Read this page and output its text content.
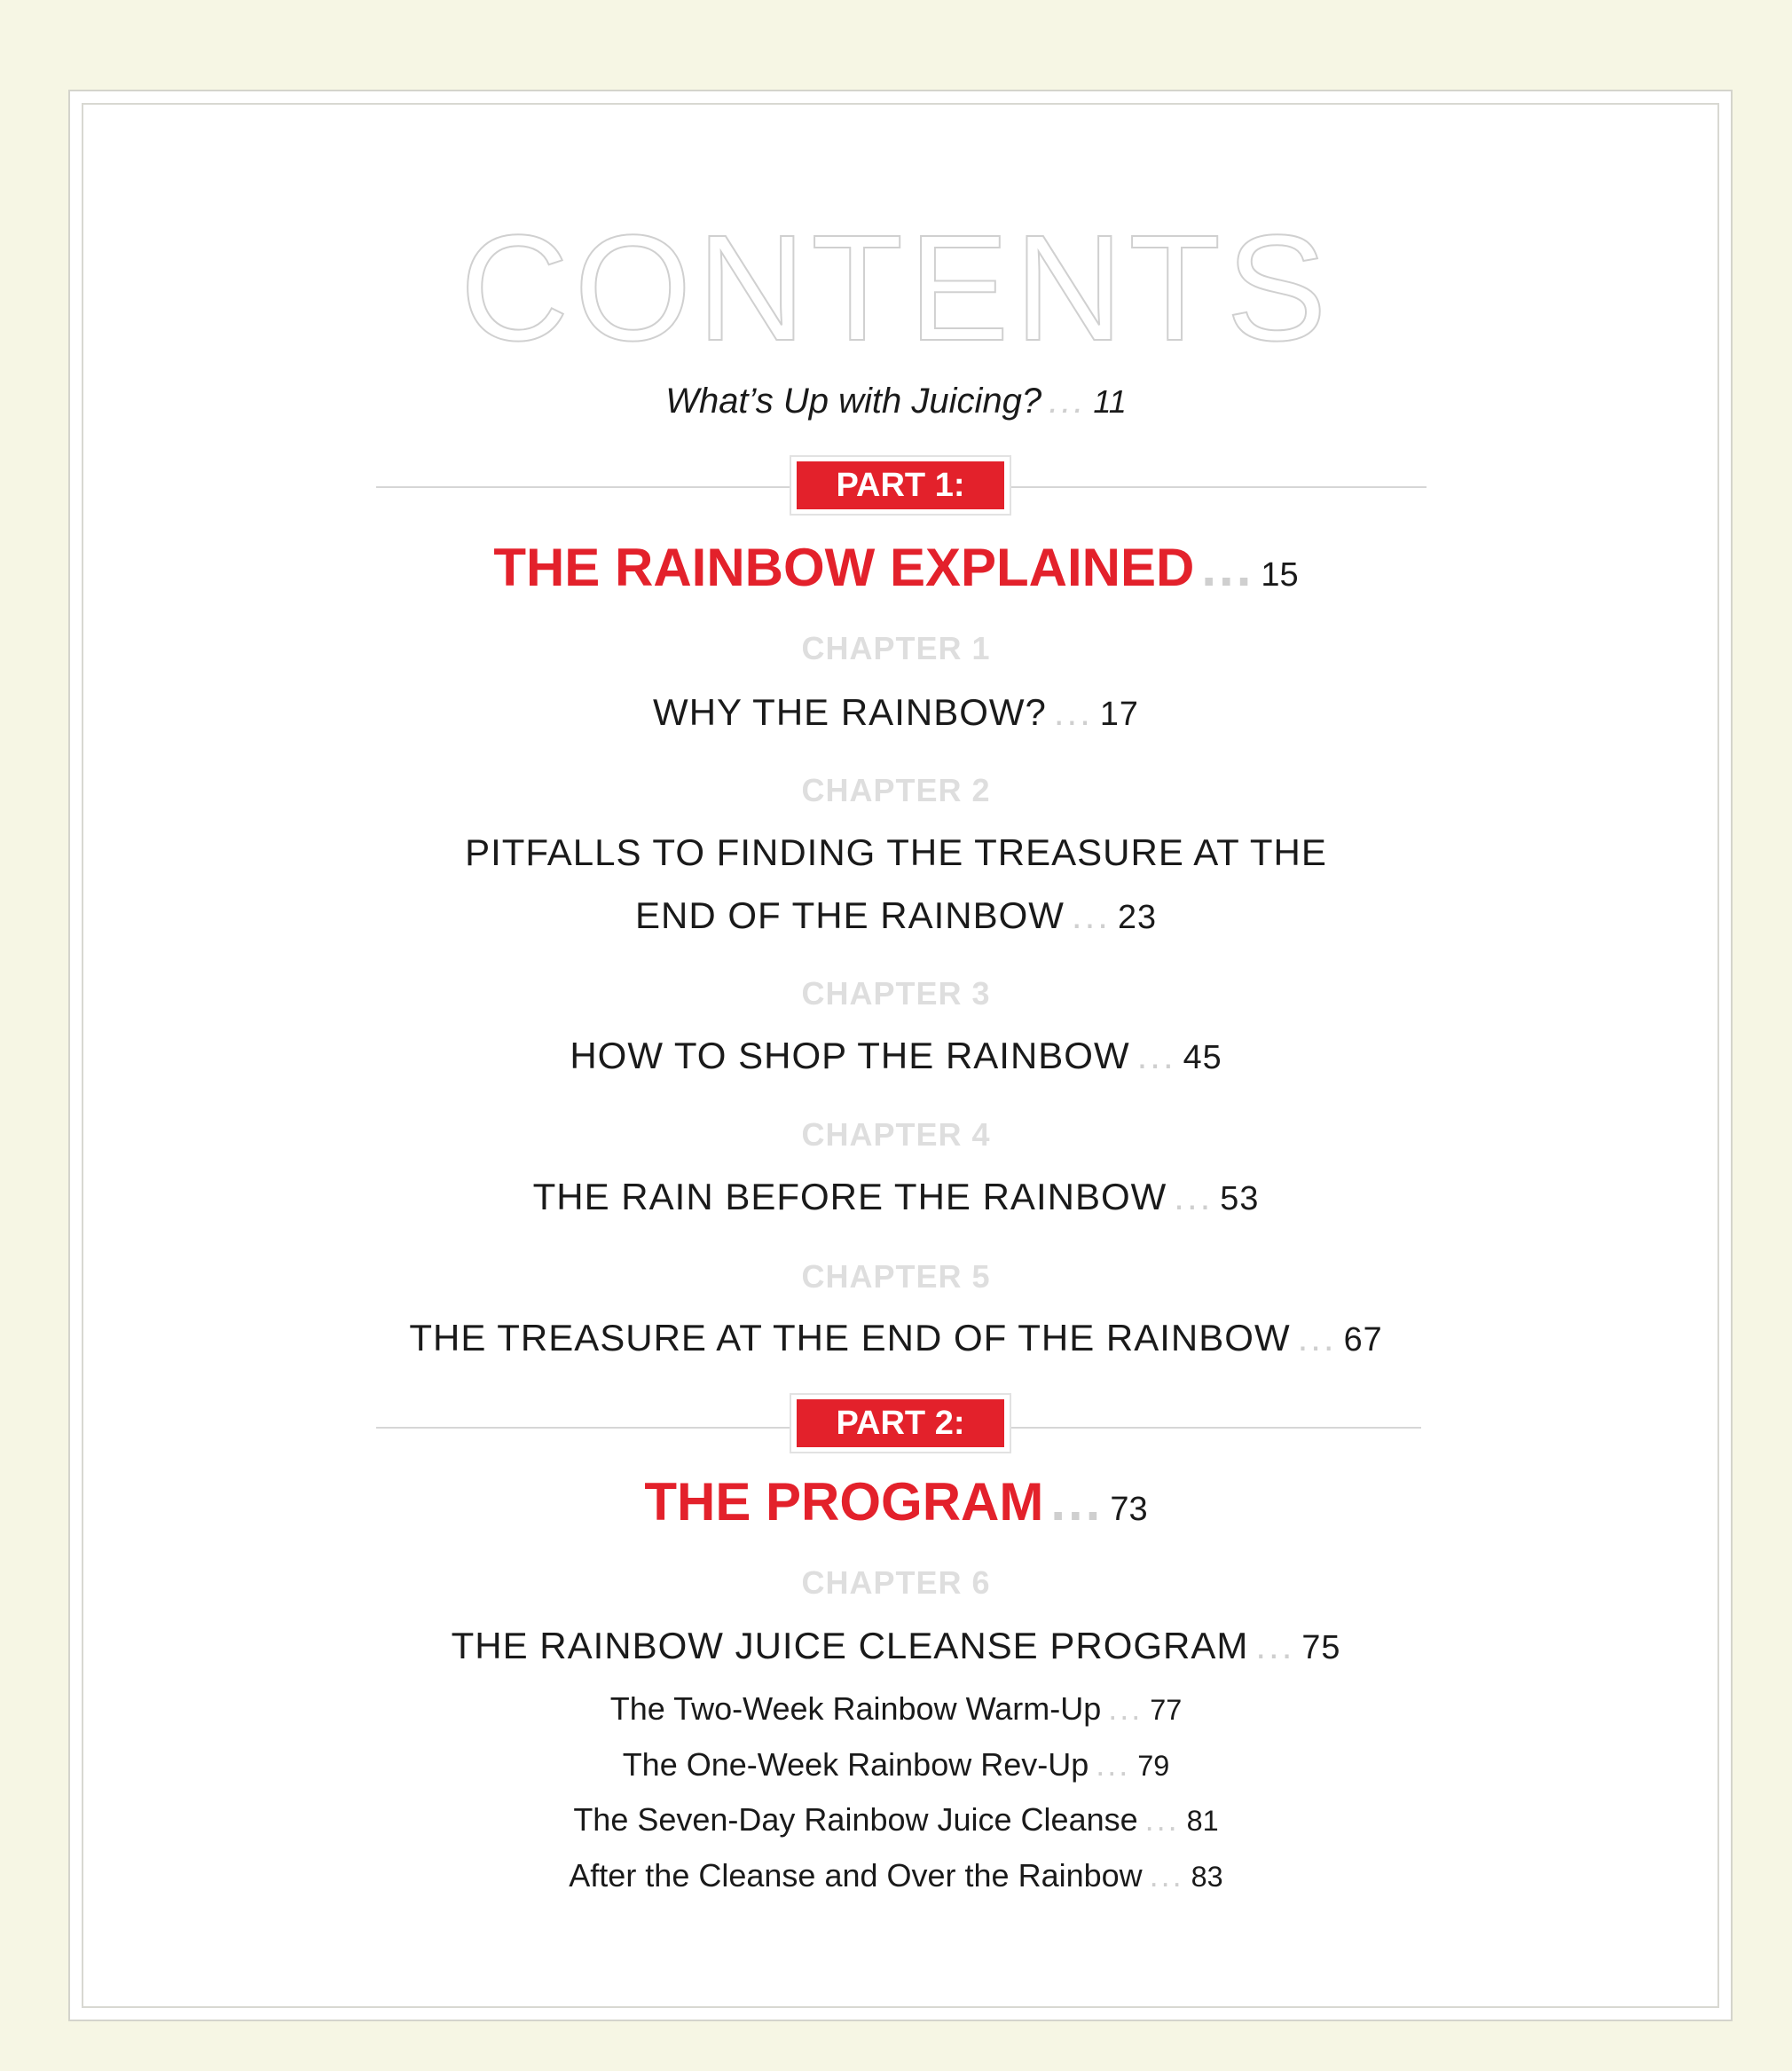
CONTENTS
What’s Up with Juicing? ... 11
PART 1:
THE RAINBOW EXPLAINED ... 15
CHAPTER 1
WHY THE RAINBOW? ... 17
CHAPTER 2
PITFALLS TO FINDING THE TREASURE AT THE
END OF THE RAINBOW ... 23
CHAPTER 3
HOW TO SHOP THE RAINBOW ... 45
CHAPTER 4
THE RAIN BEFORE THE RAINBOW ... 53
CHAPTER 5
THE TREASURE AT THE END OF THE RAINBOW ... 67
PART 2:
THE PROGRAM ... 73
CHAPTER 6
THE RAINBOW JUICE CLEANSE PROGRAM ... 75
The Two-Week Rainbow Warm-Up ... 77
The One-Week Rainbow Rev-Up ... 79
The Seven-Day Rainbow Juice Cleanse ... 81
After the Cleanse and Over the Rainbow ... 83
